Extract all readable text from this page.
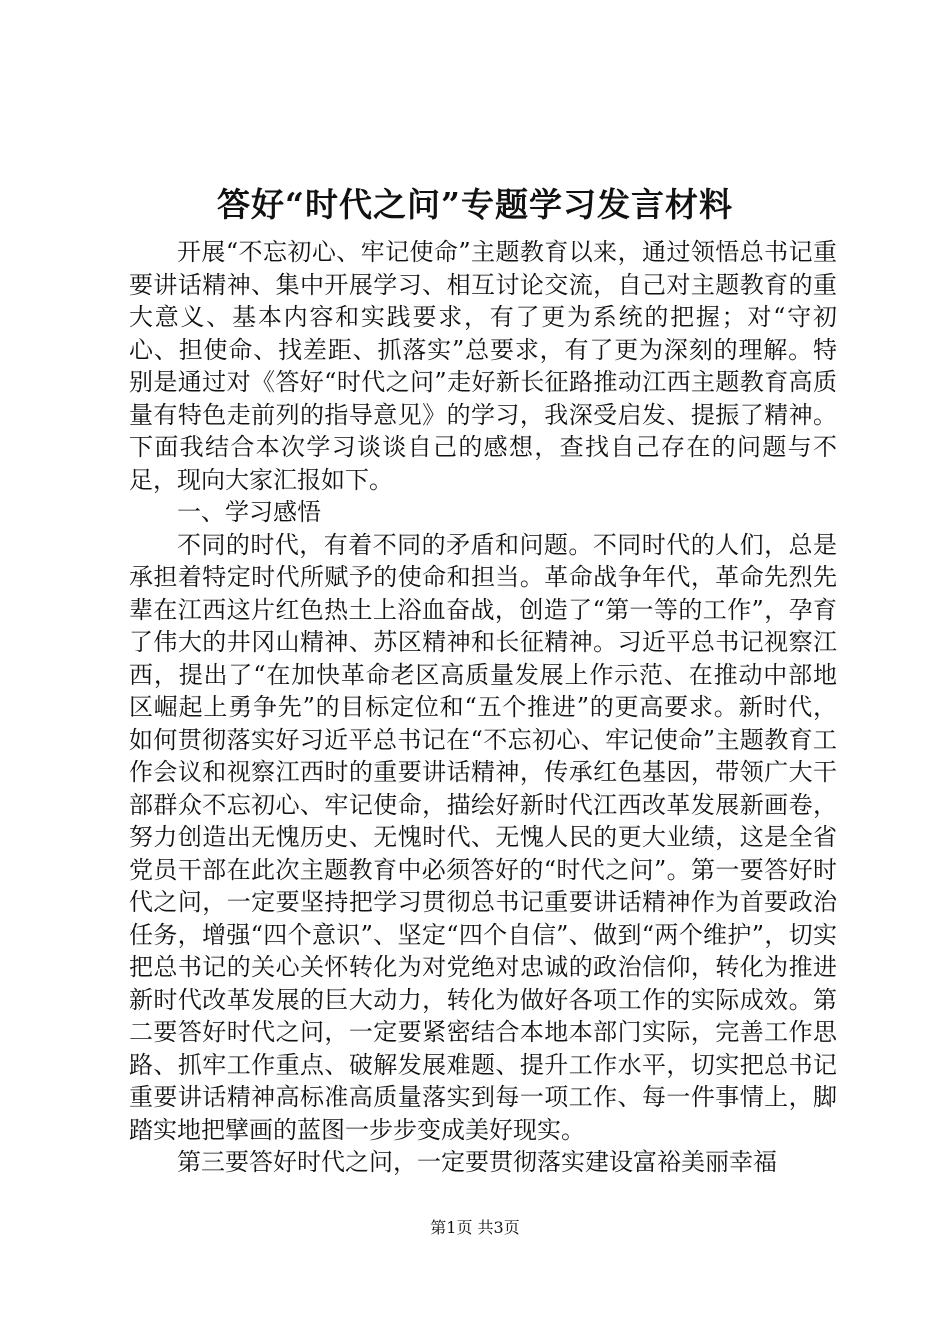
答好“时代之问”专题学习发言材料

开展“不忘初心、牢记使命”主题教育以来，通过领悟总书记重要讲话精神、集中开展学习、相互讨论交流，自己对主题教育的重大意义、基本内容和实践要求，有了更为系统的把握；对“守初心、担使命、找差距、抓落实”总要求，有了更为深刻的理解。特别是通过对《答好“时代之问”走好新长征路推动江西主题教育高质量有特色走前列的指导意见》的学习，我深受启发、提振了精神。下面我结合本次学习谈谈自己的感想，查找自己存在的问题与不足，现向大家汇报如下。

一、学习感悟

不同的时代，有着不同的矛盾和问题。不同时代的人们，总是承担着特定时代所赋予的使命和担当。革命战争年代，革命先烈先辈在江西这片红色热土上浴血奋战，创造了“第一等的工作”，孕育了伟大的井冈山精神、苏区精神和长征精神。习近平总书记视察江西，提出了“在加快革命老区高质量发展上作示范、在推动中部地区崛起上勇争先”的目标定位和“五个推进”的更高要求。新时代，如何贯彻落实好习近平总书记在“不忘初心、牢记使命”主题教育工作会议和视察江西时的重要讲话精神，传承红色基因，带领广大干部群众不忘初心、牢记使命，描绘好新时代江西改革发展新画卷，努力创造出无愧历史、无愧时代、无愧人民的更大业绩，这是全省党员干部在此次主题教育中必须答好的“时代之问”。第一要答好时代之问，一定要坚持把学习贯彻总书记重要讲话精神作为首要政治任务，增强“四个意识”、坚定“四个自信”、做到“两个维护”，切实把总书记的关心关怀转化为对党绝对忠诚的政治信仰，转化为推进新时代改革发展的巨大动力，转化为做好各项工作的实际成效。第二要答好时代之问，一定要紧密结合本地本部门实际，完善工作思路、抓牢工作重点、破解发展难题、提升工作水平，切实把总书记重要讲话精神高标准高质量落实到每一项工作、每一件事情上，脚踏实地把擘画的蓝图一步步变成美好现实。

第三要答好时代之问，一定要贯彻落实建设富裕美丽幸福

第1页 共3页
